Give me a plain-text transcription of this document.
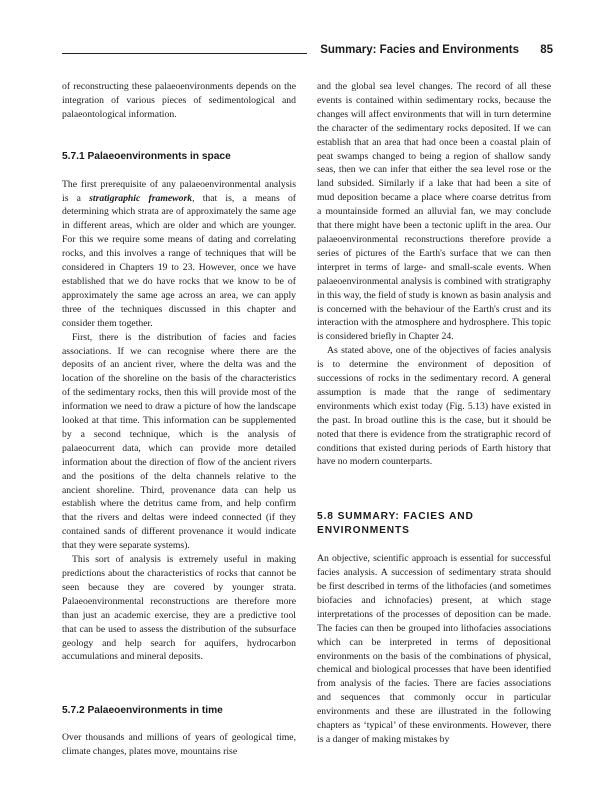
Summary: Facies and Environments 85

of reconstructing these palaeoenvironments depends on the integration of various pieces of sedimentological and palaeontological information.

5.7.1 Palaeoenvironments in space

The first prerequisite of any palaeoenvironmental analysis is a stratigraphic framework, that is, a means of determining which strata are of approximately the same age in different areas, which are older and which are younger. For this we require some means of dating and correlating rocks, and this involves a range of techniques that will be considered in Chapters 19 to 23. However, once we have established that we do have rocks that we know to be of approximately the same age across an area, we can apply three of the techniques discussed in this chapter and consider them together.

First, there is the distribution of facies and facies associations. If we can recognise where there are the deposits of an ancient river, where the delta was and the location of the shoreline on the basis of the characteristics of the sedimentary rocks, then this will provide most of the information we need to draw a picture of how the landscape looked at that time. This information can be supplemented by a second technique, which is the analysis of palaeocurrent data, which can provide more detailed information about the direction of flow of the ancient rivers and the positions of the delta channels relative to the ancient shoreline. Third, provenance data can help us establish where the detritus came from, and help confirm that the rivers and deltas were indeed connected (if they contained sands of different provenance it would indicate that they were separate systems).

This sort of analysis is extremely useful in making predictions about the characteristics of rocks that cannot be seen because they are covered by younger strata. Palaeoenvironmental reconstructions are therefore more than just an academic exercise, they are a predictive tool that can be used to assess the distribution of the subsurface geology and help search for aquifers, hydrocarbon accumulations and mineral deposits.

5.7.2 Palaeoenvironments in time

Over thousands and millions of years of geological time, climate changes, plates move, mountains rise

and the global sea level changes. The record of all these events is contained within sedimentary rocks, because the changes will affect environments that will in turn determine the character of the sedimentary rocks deposited. If we can establish that an area that had once been a coastal plain of peat swamps changed to being a region of shallow sandy seas, then we can infer that either the sea level rose or the land subsided. Similarly if a lake that had been a site of mud deposition became a place where coarse detritus from a mountainside formed an alluvial fan, we may conclude that there might have been a tectonic uplift in the area. Our palaeoenvironmental reconstructions therefore provide a series of pictures of the Earth's surface that we can then interpret in terms of large- and small-scale events. When palaeoenvironmental analysis is combined with stratigraphy in this way, the field of study is known as basin analysis and is concerned with the behaviour of the Earth's crust and its interaction with the atmosphere and hydrosphere. This topic is considered briefly in Chapter 24.

As stated above, one of the objectives of facies analysis is to determine the environment of deposition of successions of rocks in the sedimentary record. A general assumption is made that the range of sedimentary environments which exist today (Fig. 5.13) have existed in the past. In broad outline this is the case, but it should be noted that there is evidence from the stratigraphic record of conditions that existed during periods of Earth history that have no modern counterparts.

5.8 SUMMARY: FACIES AND ENVIRONMENTS

An objective, scientific approach is essential for successful facies analysis. A succession of sedimentary strata should be first described in terms of the lithofacies (and sometimes biofacies and ichnofacies) present, at which stage interpretations of the processes of deposition can be made. The facies can then be grouped into lithofacies associations which can be interpreted in terms of depositional environments on the basis of the combinations of physical, chemical and biological processes that have been identified from analysis of the facies. There are facies associations and sequences that commonly occur in particular environments and these are illustrated in the following chapters as ‘typical’ of these environments. However, there is a danger of making mistakes by
